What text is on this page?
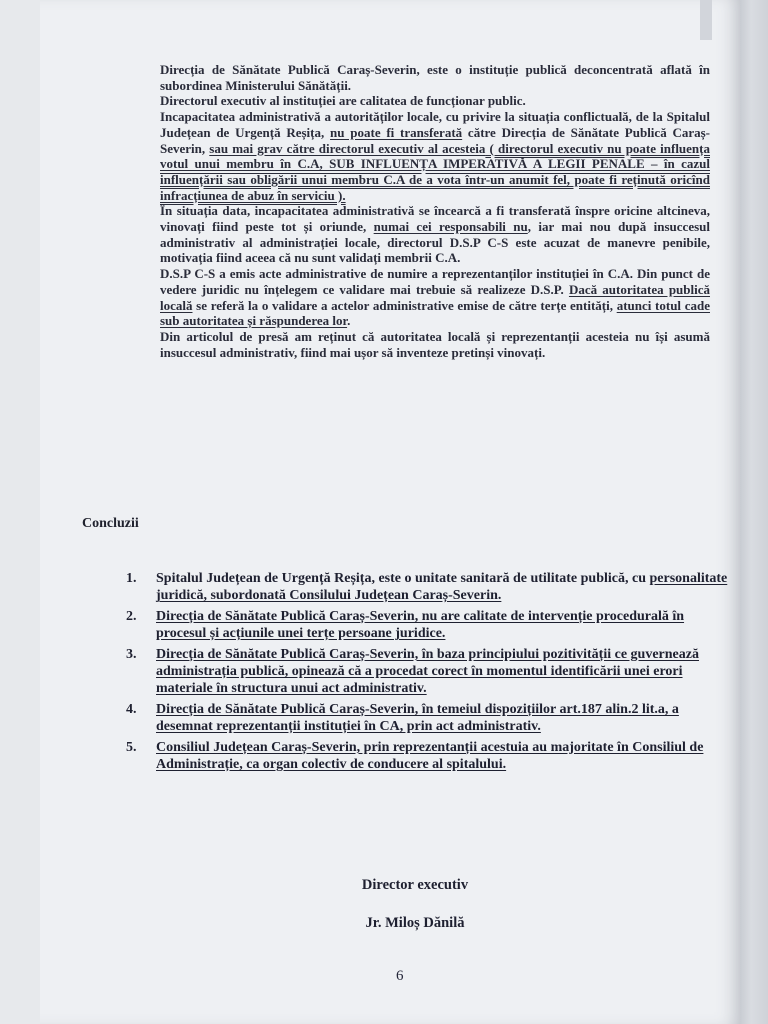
Direcția de Sănătate Publică Caraș-Severin, este o instituție publică deconcentrată aflată în subordinea Ministerului Sănătății.

Directorul executiv al instituției are calitatea de funcționar public.

Incapacitatea administrativă a autorităților locale, cu privire la situația conflictuală, de la Spitalul Județean de Urgență Reșița, nu poate fi transferată către Direcția de Sănătate Publică Caraș-Severin, sau mai grav către directorul executiv al acesteia ( directorul executiv nu poate influența votul unui membru în C.A, SUB INFLUENȚA IMPERATIVĂ A LEGII PENALE – în cazul influențării sau obligării unui membru C.A de a vota într-un anumit fel, poate fi reținută oricînd infracțiunea de abuz în serviciu ).

În situația data, incapacitatea administrativă se încearcă a fi transferată înspre oricine altcineva, vinovați fiind peste tot și oriunde, numai cei responsabili nu, iar mai nou după insuccesul administrativ al administrației locale, directorul D.S.P C-S este acuzat de manevre penibile, motivația fiind aceea că nu sunt validați membrii C.A.

D.S.P C-S a emis acte administrative de numire a reprezentanților instituției în C.A. Din punct de vedere juridic nu înțelegem ce validare mai trebuie să realizeze D.S.P. Dacă autoritatea publică locală se referă la o validare a actelor administrative emise de către terțe entități, atunci totul cade sub autoritatea și răspunderea lor.

Din articolul de presă am reținut că autoritatea locală și reprezentanții acesteia nu își asumă insuccesul administrativ, fiind mai ușor să inventeze pretinși vinovați.

Concluzii
1. Spitalul Județean de Urgență Reșița, este o unitate sanitară de utilitate publică, cu personalitate juridică, subordonată Consilului Județean Caraș-Severin.
2. Direcția de Sănătate Publică Caraș-Severin, nu are calitate de intervenție procedurală în procesul și acțiunile unei terțe persoane juridice.
3. Direcția de Sănătate Publică Caraș-Severin, în baza principiului pozitivității ce guvernează administrația publică, opinează că a procedat corect în momentul identificării unei erori materiale în structura unui act administrativ.
4. Direcția de Sănătate Publică Caraș-Severin, în temeiul dispozițiilor art.187 alin.2 lit.a, a desemnat reprezentanții instituției în CA, prin act administrativ.
5. Consiliul Județean Caraș-Severin, prin reprezentanții acestuia au majoritate în Consiliul de Administrație, ca organ colectiv de conducere al spitalului.
Director executiv
Jr. Miloș Dănilă
6
